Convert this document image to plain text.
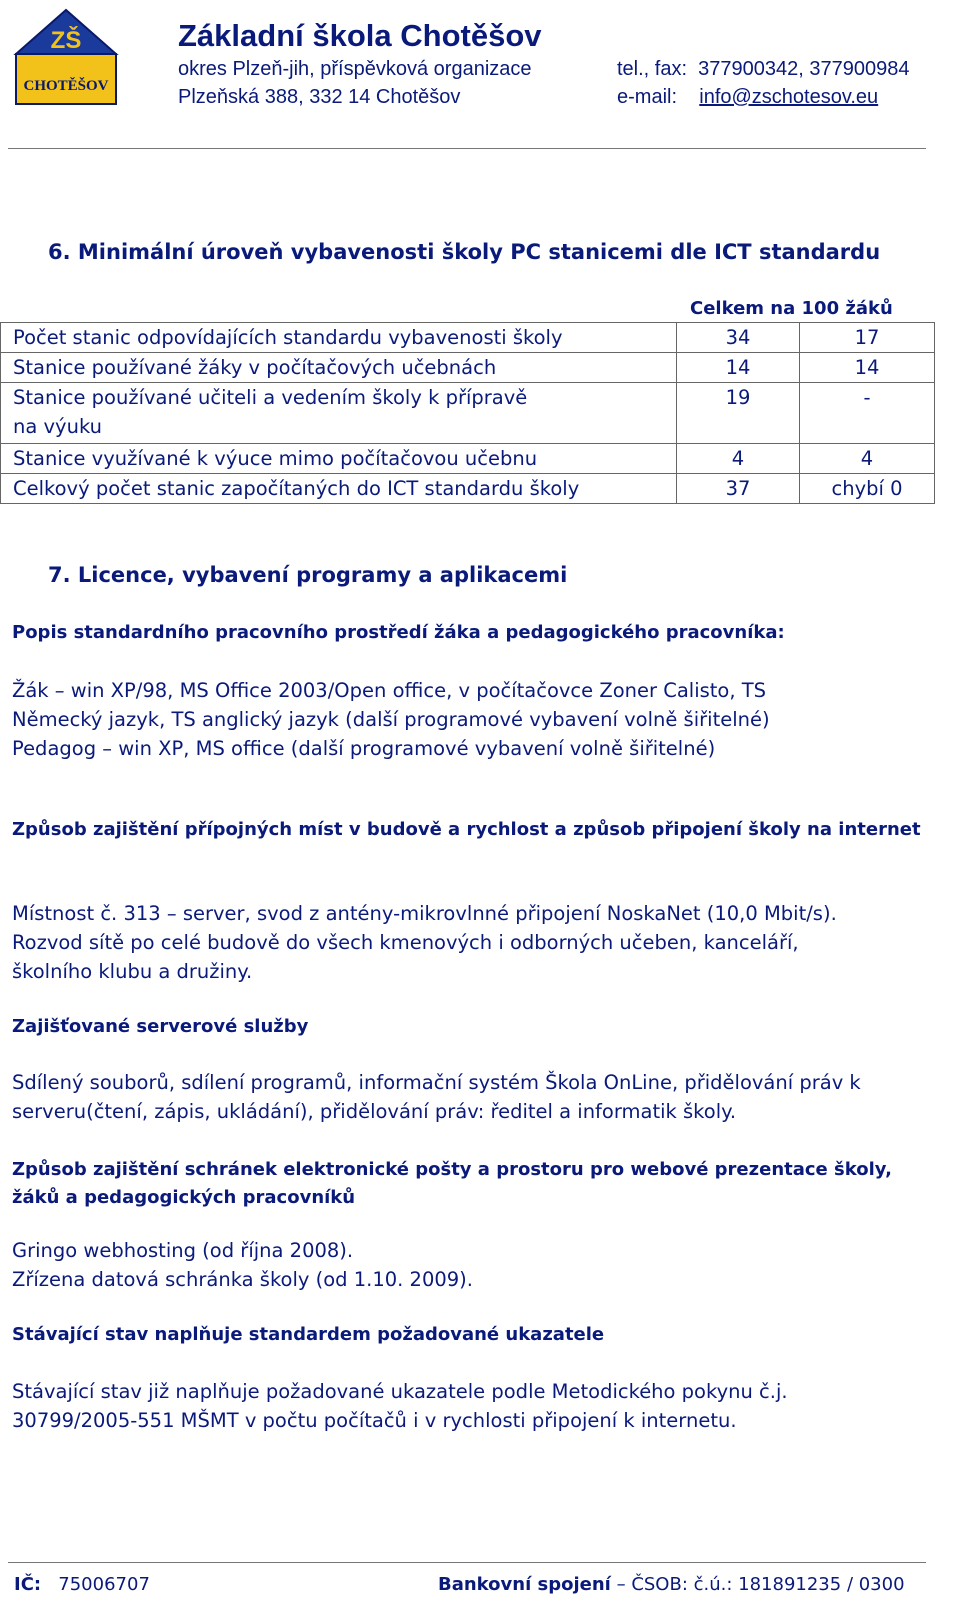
ZŠ
CHOTĚŠOV
Základní škola Chotěšov
okres Plzeň-jih, příspěvková organizace
Plzeňská 388, 332 14 Chotěšov
tel., fax: 377900342, 377900984
e-mail: info@zschotesov.eu
6. Minimální úroveň vybavenosti školy PC stanicemi dle ICT standardu
Celkem na 100 žáků
Počet stanic odpovídajících standardu vybavenosti školy	34	17
Stanice používané žáky v počítačových učebnách	14	14
Stanice používané učiteli a vedením školy k přípravě na výuku	19	-
Stanice využívané k výuce mimo počítačovou učebnu	4	4
Celkový počet stanic započítaných do ICT standardu školy	37	chybí 0
7. Licence, vybavení programy a aplikacemi
Popis standardního pracovního prostředí žáka a pedagogického pracovníka:
Žák – win XP/98, MS Office 2003/Open office, v počítačovce Zoner Calisto, TS Německý jazyk, TS anglický jazyk (další programové vybavení volně šiřitelné)
Pedagog – win XP, MS office (další programové vybavení volně šiřitelné)
Způsob zajištění přípojných míst v budově a rychlost a způsob připojení školy na internet
Místnost č. 313 – server, svod z antény-mikrovlnné připojení NoskaNet (10,0 Mbit/s). Rozvod sítě po celé budově do všech kmenových i odborných učeben, kanceláří, školního klubu a družiny.
Zajišťované serverové služby
Sdílený souborů, sdílení programů, informační systém Škola OnLine, přidělování práv k serveru(čtení, zápis, ukládání), přidělování práv: ředitel a informatik školy.
Způsob zajištění schránek elektronické pošty a prostoru pro webové prezentace školy, žáků a pedagogických pracovníků
Gringo webhosting (od října 2008).
Zřízena datová schránka školy (od 1.10. 2009).
Stávající stav naplňuje standardem požadované ukazatele
Stávající stav již naplňuje požadované ukazatele podle Metodického pokynu č.j. 30799/2005-551 MŠMT v počtu počítačů i v rychlosti připojení k internetu.
IČ: 75006707	Bankovní spojení – ČSOB: č.ú.: 181891235 / 0300
